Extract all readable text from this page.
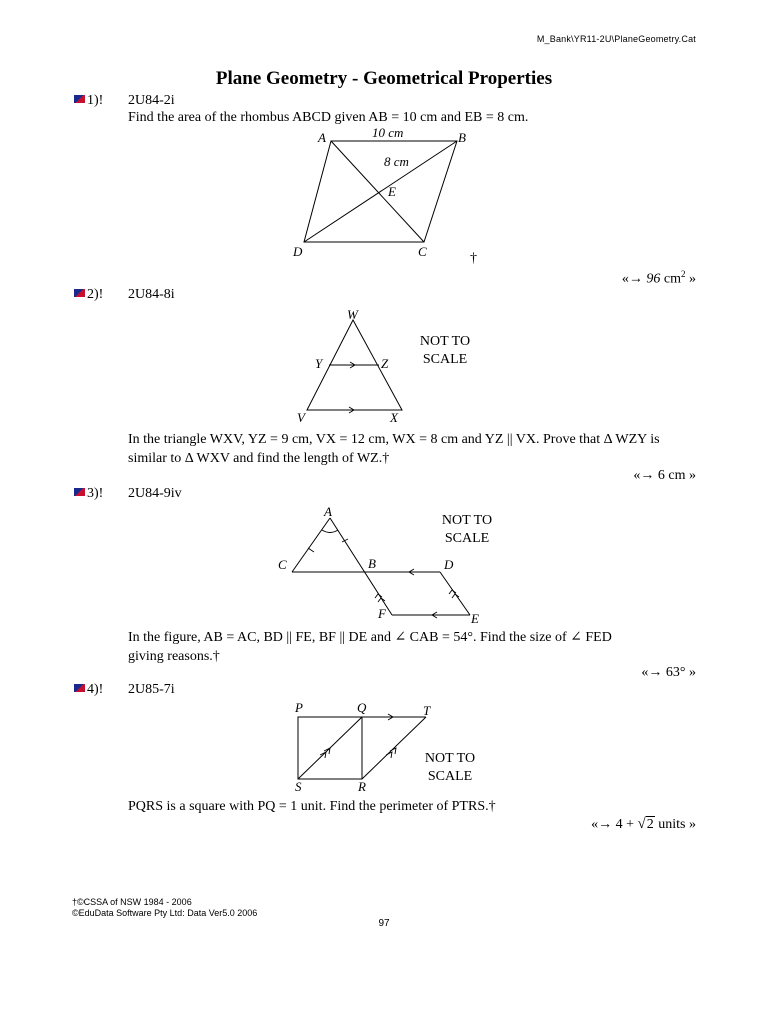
M_Bank\YR11-2U\PlaneGeometry.Cat
Plane Geometry - Geometrical Properties
1)! 2U84-2i
Find the area of the rhombus ABCD given AB = 10 cm and EB = 8 cm.
A	B
C
D
E
10 cm
8 cm
†
«→ 96 $cm^2$ »
2)! 2U84-8i
W
Y	Z
V	X
NOT TO
SCALE
In the triangle WXV, YZ = 9 cm, VX = 12 cm, WX = 8 cm and YZ || VX. Prove that Δ WZY is
similar to Δ WXV and find the length of WZ.†
«→ 6 cm »
3)! 2U84-9iv
A
C	B	D
F	E
NOT TO
SCALE
In the figure, AB = AC, BD || FE, BF || DE and ∠ CAB = 54°. Find the size of ∠ FED
giving reasons.†
«→ 63° »
4)! 2U85-7i
P	Q	T
S	R
NOT TO
SCALE
PQRS is a square with PQ = 1 unit. Find the perimeter of PTRS.†
«→ 4 + √2 units »
†©CSSA of NSW 1984 - 2006
©EduData Software Pty Ltd: Data Ver5.0 2006
97
